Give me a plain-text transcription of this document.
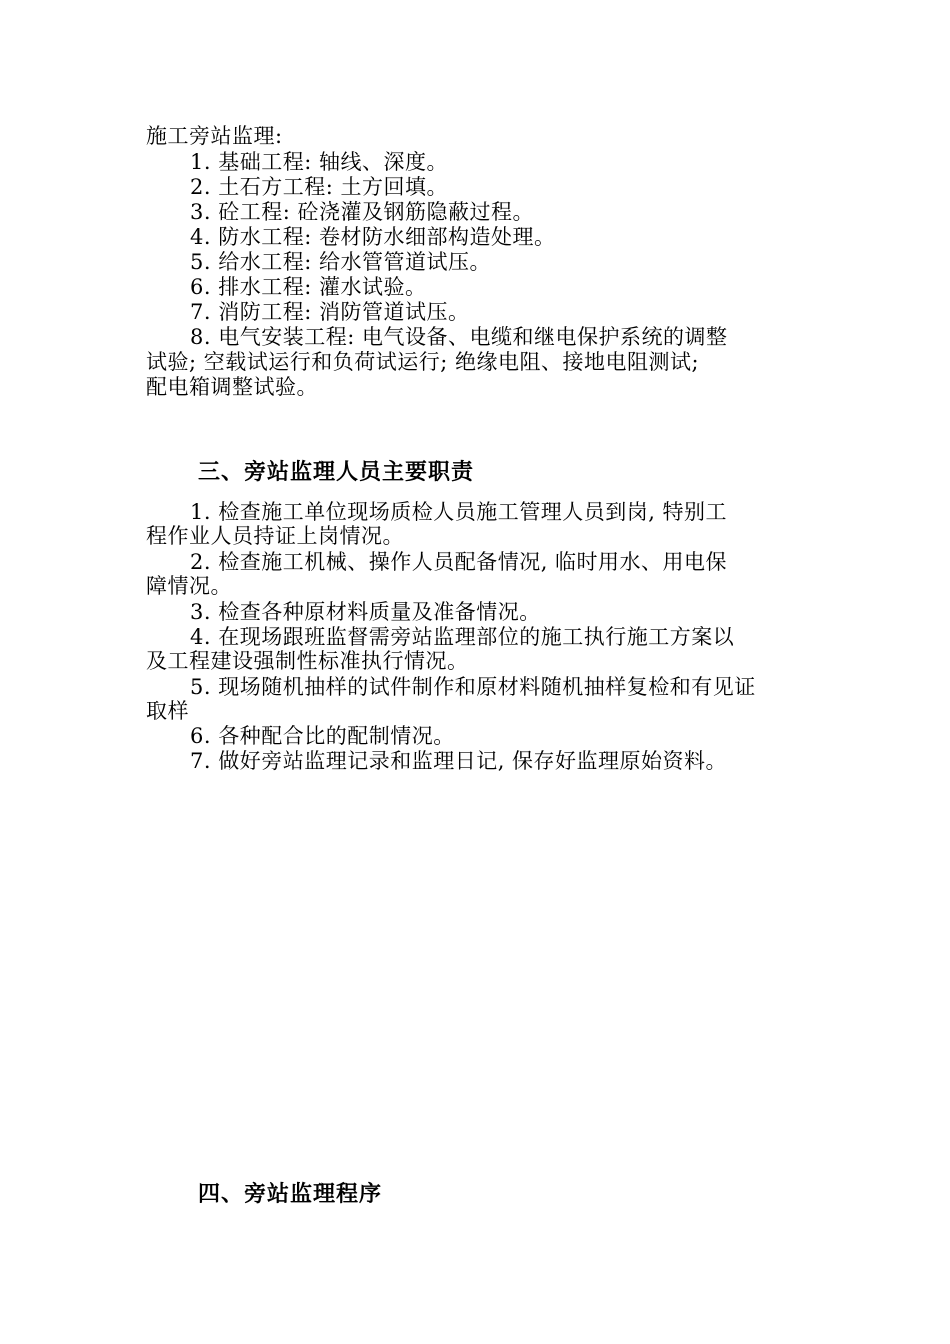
施工旁站监理:
1. 基础工程: 轴线、深度。
2. 土石方工程: 土方回填。
3. 砼工程: 砼浇灌及钢筋隐蔽过程。
4. 防水工程: 卷材防水细部构造处理。
5. 给水工程: 给水管管道试压。
6. 排水工程: 灌水试验。
7. 消防工程: 消防管道试压。
8. 电气安装工程: 电气设备、电缆和继电保护系统的调整
试验; 空载试运行和负荷试运行; 绝缘电阻、接地电阻测试;
配电箱调整试验。
三、旁站监理人员主要职责
1. 检查施工单位现场质检人员施工管理人员到岗, 特别工
程作业人员持证上岗情况。
2. 检查施工机械、操作人员配备情况, 临时用水、用电保
障情况。
3. 检查各种原材料质量及准备情况。
4. 在现场跟班监督需旁站监理部位的施工执行施工方案以
及工程建设强制性标准执行情况。
5. 现场随机抽样的试件制作和原材料随机抽样复检和有见证
取样
6. 各种配合比的配制情况。
7. 做好旁站监理记录和监理日记, 保存好监理原始资料。
四、旁站监理程序
